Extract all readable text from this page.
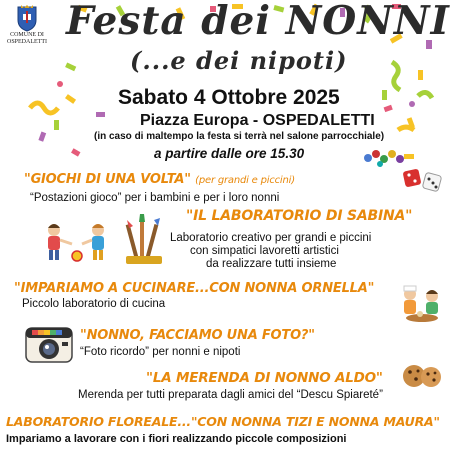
COMUNE DI
OSPEDALETTI Festa dei NONNI
(...e dei nipoti)
Sabato 4 Ottobre 2025
Piazza Europa - OSPEDALETTI
(in caso di maltempo la festa si terrà nel salone parrocchiale)
a partire dalle ore 15.30
"GIOCHI DI UNA VOLTA" (per grandi e piccini)
“Postazioni gioco” per i bambini e per i loro nonni
"IL LABORATORIO DI SABINA"
Laboratorio creativo per grandi e piccini
con simpatici lavoretti artistici
da realizzare tutti insieme
"IMPARIAMO A CUCINARE...CON NONNA ORNELLA"
Piccolo laboratorio di cucina
"NONNO, FACCIAMO UNA FOTO?"
“Foto ricordo” per nonni e nipoti
"LA MERENDA DI NONNO ALDO"
Merenda per tutti preparata dagli amici del “Descu Spiareté”
LABORATORIO FLOREALE..."CON NONNA TIZI E NONNA MAURA"
Impariamo a lavorare con i fiori realizzando piccole composizioni
